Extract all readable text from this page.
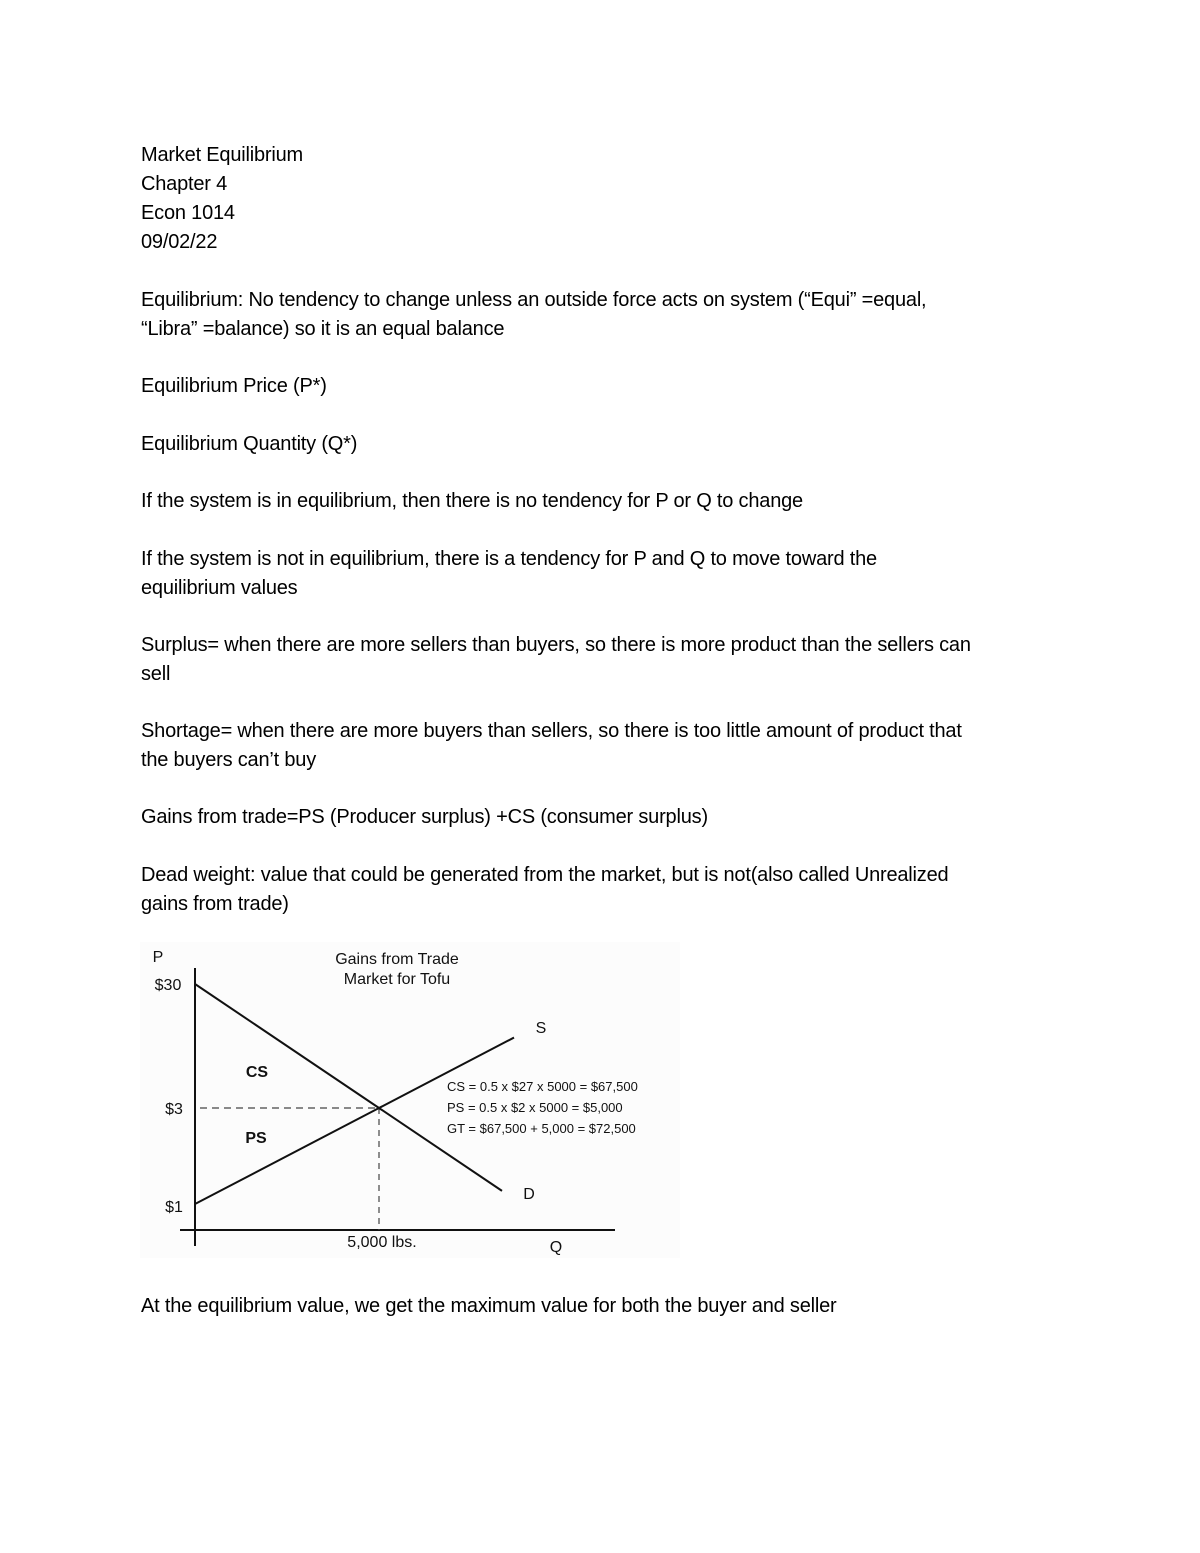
Market Equilibrium
Chapter 4
Econ 1014
09/02/22

Equilibrium: No tendency to change unless an outside force acts on system (“Equi” =equal,
“Libra” =balance) so it is an equal balance

Equilibrium Price (P*)

Equilibrium Quantity (Q*)

If the system is in equilibrium, then there is no tendency for P or Q to change

If the system is not in equilibrium, there is a tendency for P and Q to move toward the
equilibrium values

Surplus= when there are more sellers than buyers, so there is more product than the sellers can
sell

Shortage= when there are more buyers than sellers, so there is too little amount of product that
the buyers can’t buy

Gains from trade=PS (Producer surplus) +CS (consumer surplus)

Dead weight: value that could be generated from the market, but is not(also called Unrealized
gains from trade)

Gains from Trade
Market for Tofu
P
Q
$30
$3
$1
5,000 lbs.
S
D
CS
PS
CS = 0.5 x $27 x 5000 = $67,500
PS = 0.5 x $2 x 5000 = $5,000
GT = $67,500 + 5,000 = $72,500

At the equilibrium value, we get the maximum value for both the buyer and seller
